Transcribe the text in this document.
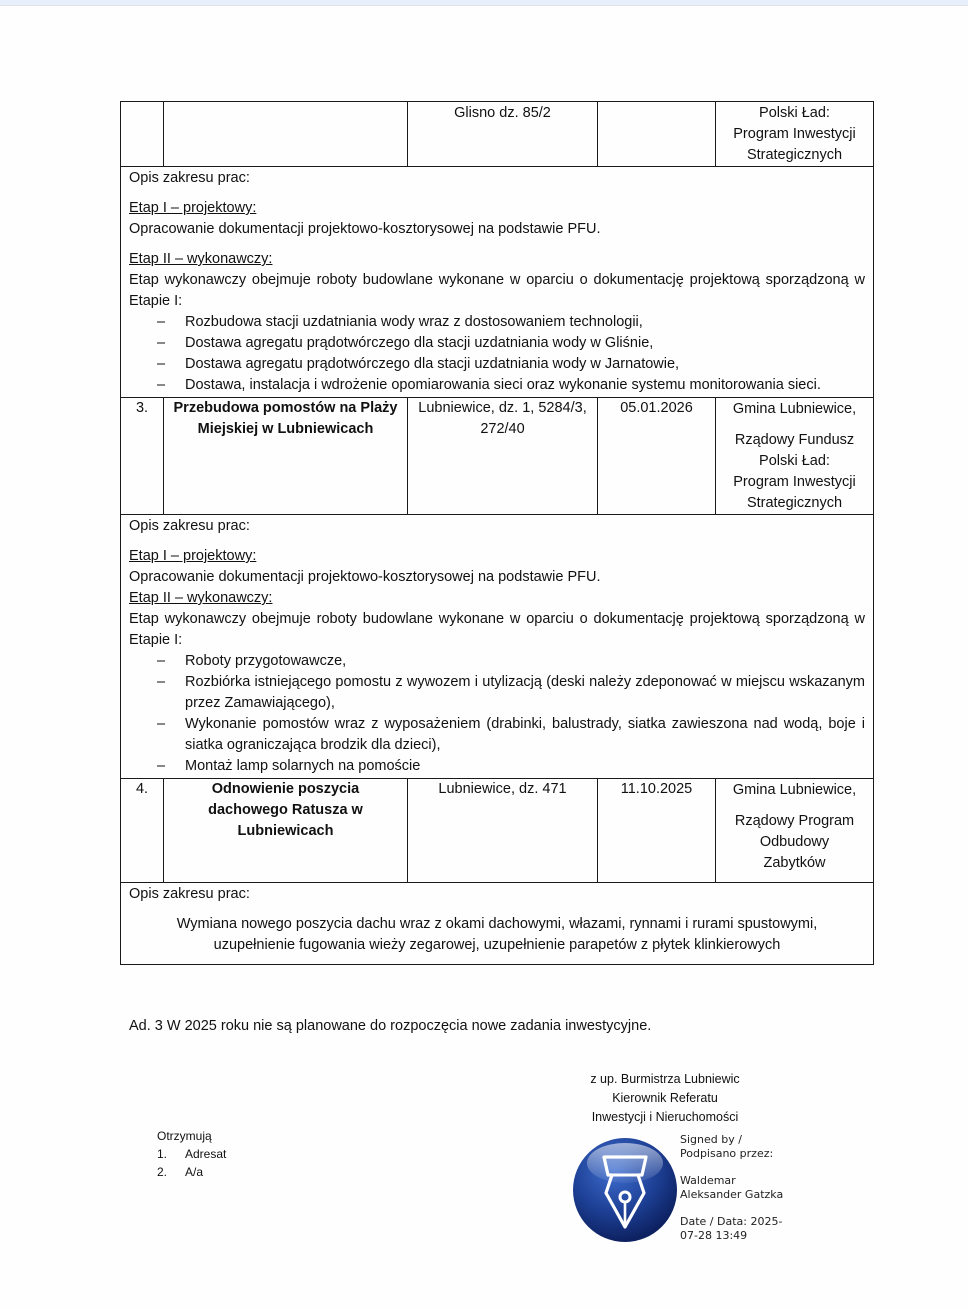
		Glisno dz. 85/2		Polski Ład:
Program Inwestycji
Strategicznych

Opis zakresu prac:

Etap I – projektowy:

Opracowanie dokumentacji projektowo-kosztorysowej na podstawie PFU.

Etap II – wykonawczy:

Etap wykonawczy obejmuje roboty budowlane wykonane w oparciu o dokumentację projektową sporządzoną w Etapie I:

– Rozbudowa stacji uzdatniania wody wraz z dostosowaniem technologii,
– Dostawa agregatu prądotwórczego dla stacji uzdatniania wody w Gliśnie,
– Dostawa agregatu prądotwórczego dla stacji uzdatniania wody w Jarnatowie,
– Dostawa, instalacja i wdrożenie opomiarowania sieci oraz wykonanie systemu monitorowania sieci.

3.	Przebudowa pomostów na Plaży Miejskiej w Lubniewicach	Lubniewice, dz. 1, 5284/3, 272/40	05.01.2026	Gmina Lubniewice,
Rządowy Fundusz
Polski Ład:
Program Inwestycji
Strategicznych

Opis zakresu prac:

Etap I – projektowy:

Opracowanie dokumentacji projektowo-kosztorysowej na podstawie PFU.

Etap II – wykonawczy:

Etap wykonawczy obejmuje roboty budowlane wykonane w oparciu o dokumentację projektową sporządzoną w Etapie I:

– Roboty przygotowawcze,
– Rozbiórka istniejącego pomostu z wywozem i utylizacją (deski należy zdeponować w miejscu wskazanym przez Zamawiającego),
– Wykonanie pomostów wraz z wyposażeniem (drabinki, balustrady, siatka zawieszona nad wodą, boje i siatka ograniczająca brodzik dla dzieci),
– Montaż lamp solarnych na pomoście

4.	Odnowienie poszycia dachowego Ratusza w Lubniewicach	Lubniewice, dz. 471	11.10.2025	Gmina Lubniewice,
Rządowy Program
Odbudowy
Zabytków

Opis zakresu prac:

Wymiana nowego poszycia dachu wraz z okami dachowymi, włazami, rynnami i rurami spustowymi, uzupełnienie fugowania wieży zegarowej, uzupełnienie parapetów z płytek klinkierowych				

Ad. 3 W 2025 roku nie są planowane do rozpoczęcia nowe zadania inwestycyjne.
z up. Burmistrza Lubniewic
Kierownik Referatu
Inwestycji i Nieruchomości
Otrzymują
1.	Adresat
2.	A/a
Signed by /
Podpisano przez:
Waldemar
Aleksander Gatzka
Date / Data: 2025-
07-28 13:49
